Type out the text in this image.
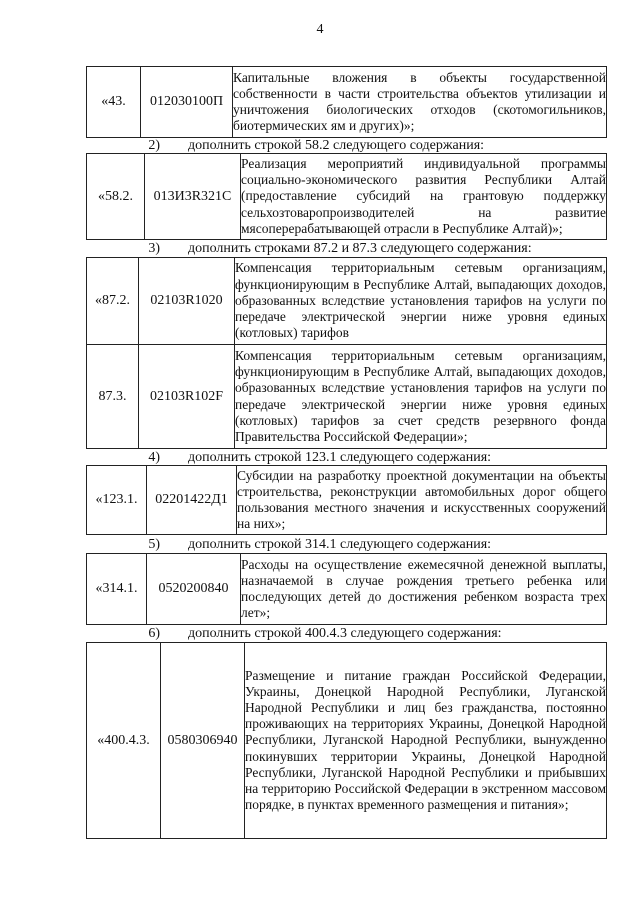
4
«43.	012030100П	Капитальные вложения в объекты государственной собственности в части строительства объектов утилизации и уничтожения биологических отходов (скотомогильников, биотермических ям и других)»;
2) дополнить строкой 58.2 следующего содержания:
«58.2.	013И3R321С	Реализация мероприятий индивидуальной программы социально-экономического развития Республики Алтай (предоставление субсидий на грантовую поддержку сельхозтоваропроизводителей на развитие мясоперерабатывающей отрасли в Республике Алтай)»;
3) дополнить строками 87.2 и 87.3 следующего содержания:
«87.2.	02103R1020	Компенсация территориальным сетевым организациям, функционирующим в Республике Алтай, выпадающих доходов, образованных вследствие установления тарифов на услуги по передаче электрической энергии ниже уровня единых (котловых) тарифов
87.3.	02103R102F	Компенсация территориальным сетевым организациям, функционирующим в Республике Алтай, выпадающих доходов, образованных вследствие установления тарифов на услуги по передаче электрической энергии ниже уровня единых (котловых) тарифов за счет средств резервного фонда Правительства Российской Федерации»;
4) дополнить строкой 123.1 следующего содержания:
«123.1.	02201422Д1	Субсидии на разработку проектной документации на объекты строительства, реконструкции автомобильных дорог общего пользования местного значения и искусственных сооружений на них»;
5) дополнить строкой 314.1 следующего содержания:
«314.1.	0520200840	Расходы на осуществление ежемесячной денежной выплаты, назначаемой в случае рождения третьего ребенка или последующих детей до достижения ребенком возраста трех лет»;
6) дополнить строкой 400.4.3 следующего содержания:
«400.4.3.	0580306940	Размещение и питание граждан Российской Федерации, Украины, Донецкой Народной Республики, Луганской Народной Республики и лиц без гражданства, постоянно проживающих на территориях Украины, Донецкой Народной Республики, Луганской Народной Республики, вынужденно покинувших территории Украины, Донецкой Народной Республики, Луганской Народной Республики и прибывших на территорию Российской Федерации в экстренном массовом порядке, в пунктах временного размещения и питания»;
